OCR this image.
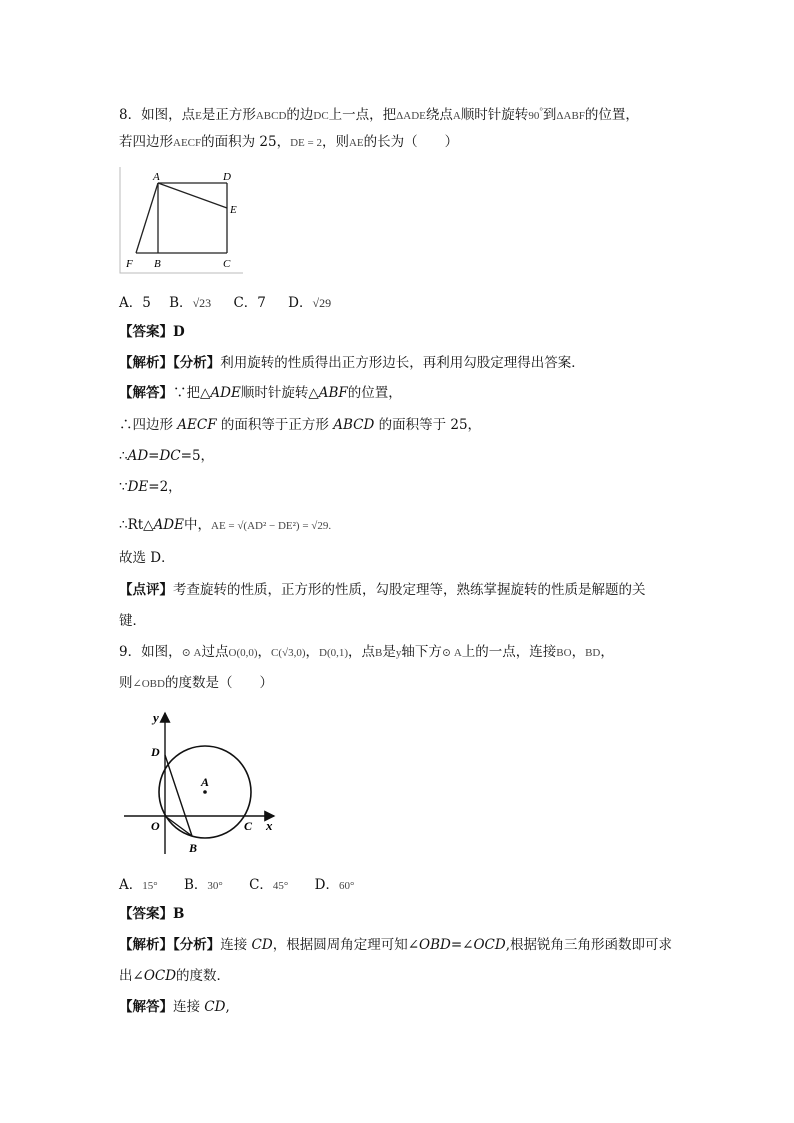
8．如图，点E是正方形ABCD的边DC上一点，把ΔADE绕点A顺时针旋转90°到ΔABF的位置，
若四边形AECF的面积为 25，DE = 2，则AE的长为（　　）
A	D
E
F B	C
A．5 B．√23 C．7 D．√29
【答案】D
【解析】【分析】利用旋转的性质得出正方形边长，再利用勾股定理得出答案．
【解答】∵把△ADE顺时针旋转△ABF的位置，
∴四边形 AECF 的面积等于正方形 ABCD 的面积等于 25，
∴AD=DC=5，
∵DE=2，
∴Rt△ADE中，AE = √(AD² − DE²) = √29.
故选 D．
【点评】考查旋转的性质，正方形的性质，勾股定理等，熟练掌握旋转的性质是解题的关
键．
9．如图，⊙ A过点O(0,0)，C(√3,0)，D(0,1)，点B是y轴下方⊙ A上的一点，连接BO，BD，
则∠OBD的度数是（　　）
y
x
D
A
O	C
B
A．15° B．30° C．45° D．60°
【答案】B
【解析】【分析】连接 CD，根据圆周角定理可知∠OBD=∠OCD,根据锐角三角形函数即可求
出∠OCD的度数．
【解答】连接 CD,
